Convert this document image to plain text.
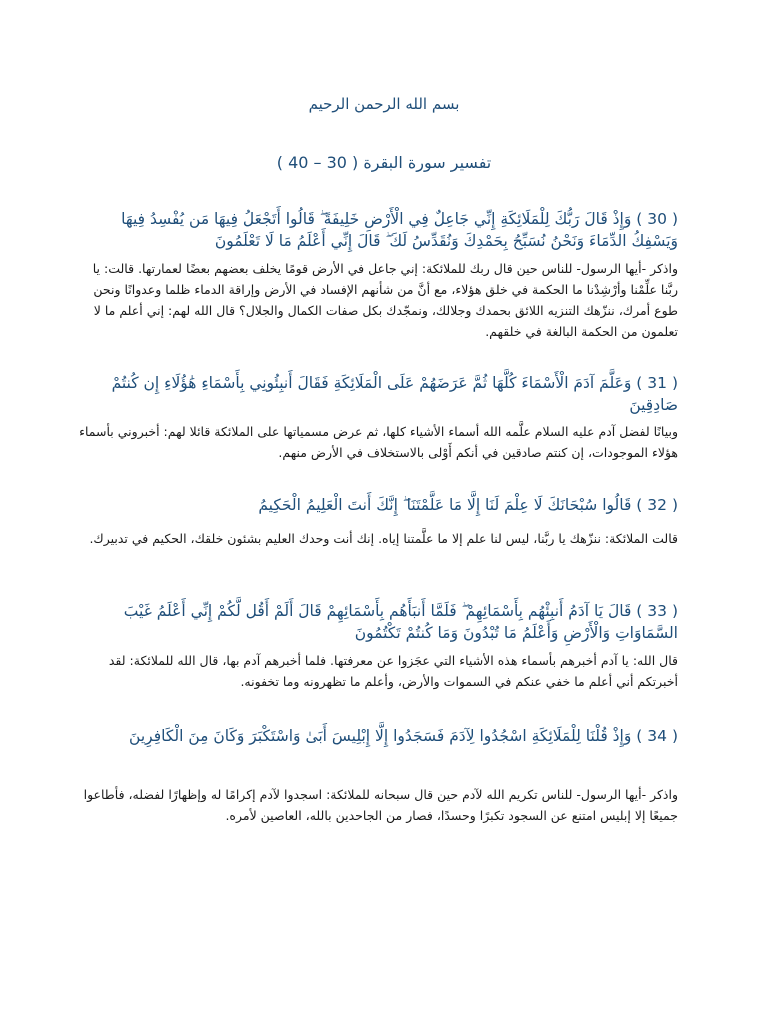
بسم الله الرحمن الرحيم
تفسير سورة البقرة ( 30 – 40 )
( 30 ) وَإِذْ قَالَ رَبُّكَ لِلْمَلَائِكَةِ إِنِّي جَاعِلٌ فِي الْأَرْضِ خَلِيفَةً ۖ قَالُوا أَتَجْعَلُ فِيهَا مَن يُفْسِدُ فِيهَا وَيَسْفِكُ الدِّمَاءَ وَنَحْنُ نُسَبِّحُ بِحَمْدِكَ وَنُقَدِّسُ لَكَ ۖ قَالَ إِنِّي أَعْلَمُ مَا لَا تَعْلَمُونَ
واذكر -أيها الرسول- للناس حين قال ربك للملائكة: إني جاعل في الأرض قومًا يخلف بعضهم بعضًا لعمارتها. قالت: يا ربَّنا علِّمْنا وأرْشِدْنا ما الحكمة في خلق هؤلاء، مع أنَّ من شأنهم الإفساد في الأرض وإراقة الدماء ظلما وعدوانًا ونحن طوع أمرك، ننزّهك التنزيه اللائق بحمدك وجلالك، ونمجّدك بكل صفات الكمال والجلال؟ قال الله لهم: إني أعلم ما لا تعلمون من الحكمة البالغة في خلقهم.
( 31 ) وَعَلَّمَ آدَمَ الْأَسْمَاءَ كُلَّهَا ثُمَّ عَرَضَهُمْ عَلَى الْمَلَائِكَةِ فَقَالَ أَنبِئُونِي بِأَسْمَاءِ هَٰؤُلَاءِ إِن كُنتُمْ صَادِقِينَ
وبيانًا لفضل آدم عليه السلام علَّمه الله أسماء الأشياء كلها، ثم عرض مسمياتها على الملائكة قائلا لهم: أخبروني بأسماء هؤلاء الموجودات، إن كنتم صادقين في أنكم أَوْلى بالاستخلاف في الأرض منهم.
( 32 ) قَالُوا سُبْحَانَكَ لَا عِلْمَ لَنَا إِلَّا مَا عَلَّمْتَنَا ۖ إِنَّكَ أَنتَ الْعَلِيمُ الْحَكِيمُ
قالت الملائكة: ننزّهك يا ربَّنا، ليس لنا علم إلا ما علَّمتنا إياه. إنك أنت وحدك العليم بشئون خلقك، الحكيم في تدبيرك.
( 33 ) قَالَ يَا آدَمُ أَنبِئْهُم بِأَسْمَائِهِمْ ۖ فَلَمَّا أَنبَأَهُم بِأَسْمَائِهِمْ قَالَ أَلَمْ أَقُل لَّكُمْ إِنِّي أَعْلَمُ غَيْبَ السَّمَاوَاتِ وَالْأَرْضِ وَأَعْلَمُ مَا تُبْدُونَ وَمَا كُنتُمْ تَكْتُمُونَ
قال الله: يا آدم أخبرهم بأسماء هذه الأشياء التي عجَزوا عن معرفتها. فلما أخبرهم آدم بها، قال الله للملائكة: لقد أخبرتكم أني أعلم ما خفي عنكم في السموات والأرض، وأعلم ما تظهرونه وما تخفونه.
( 34 ) وَإِذْ قُلْنَا لِلْمَلَائِكَةِ اسْجُدُوا لِآدَمَ فَسَجَدُوا إِلَّا إِبْلِيسَ أَبَىٰ وَاسْتَكْبَرَ وَكَانَ مِنَ الْكَافِرِينَ
واذكر -أيها الرسول- للناس تكريم الله لآدم حين قال سبحانه للملائكة: اسجدوا لآدم إكرامًا له وإظهارًا لفضله، فأطاعوا جميعًا إلا إبليس امتنع عن السجود تكبرًا وحسدًا، فصار من الجاحدين بالله، العاصين لأمره.
